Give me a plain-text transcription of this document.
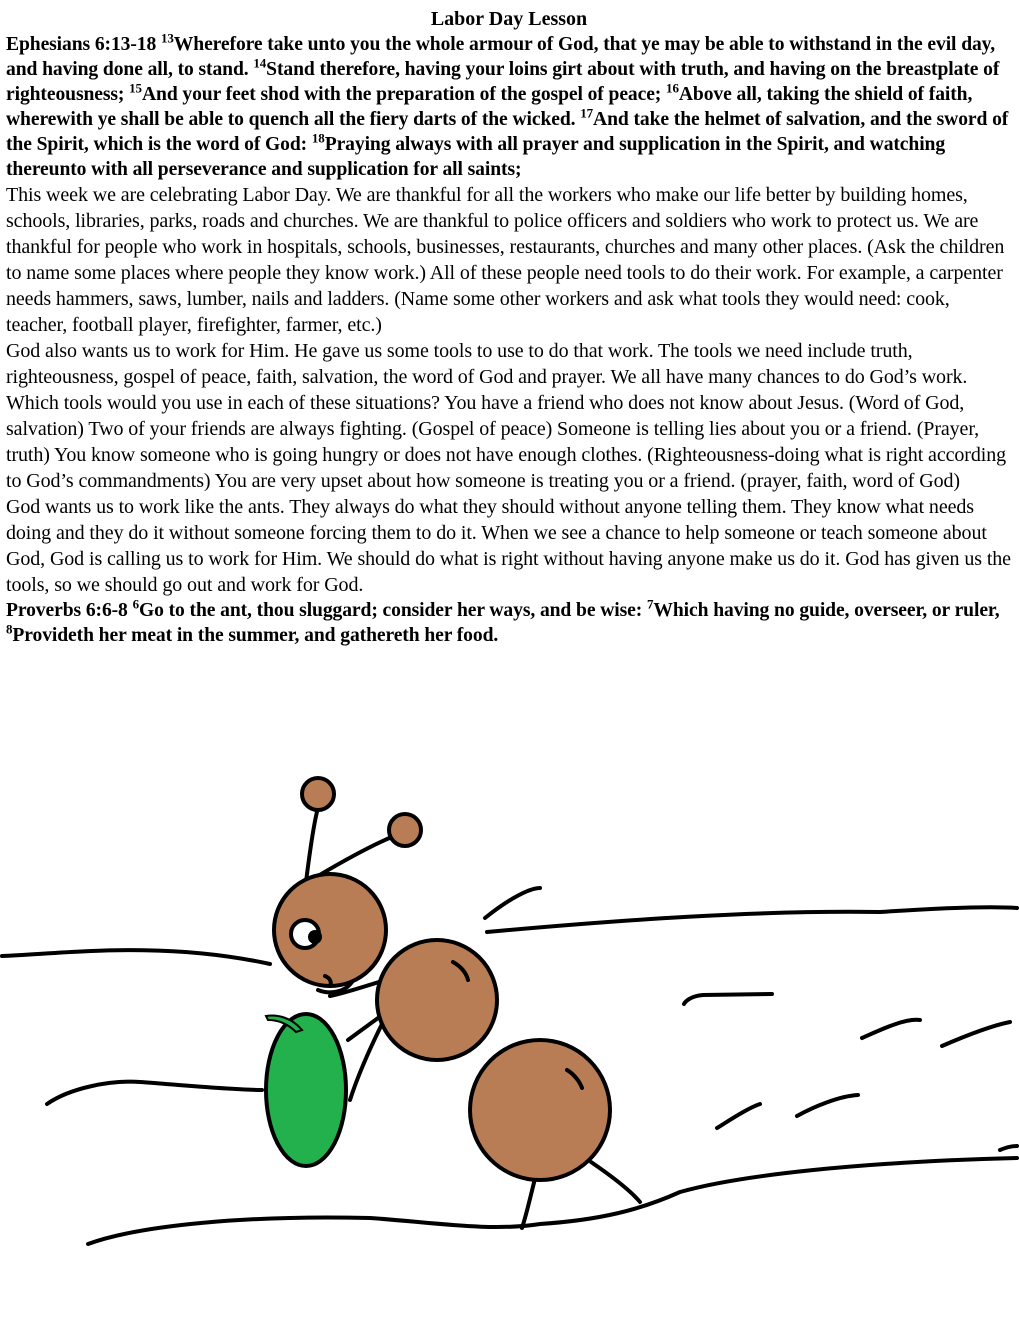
Labor Day Lesson

Ephesians 6:13-18 $^{13}$Wherefore take unto you the whole armour of God, that ye may be able to withstand in the evil day, and having done all, to stand. $^{14}$Stand therefore, having your loins girt about with truth, and having on the breastplate of righteousness; $^{15}$And your feet shod with the preparation of the gospel of peace; $^{16}$Above all, taking the shield of faith, wherewith ye shall be able to quench all the fiery darts of the wicked. $^{17}$And take the helmet of salvation, and the sword of the Spirit, which is the word of God: $^{18}$Praying always with all prayer and supplication in the Spirit, and watching thereunto with all perseverance and supplication for all saints;

This week we are celebrating Labor Day. We are thankful for all the workers who make our life better by building homes, schools, libraries, parks, roads and churches. We are thankful to police officers and soldiers who work to protect us. We are thankful for people who work in hospitals, schools, businesses, restaurants, churches and many other places. (Ask the children to name some places where people they know work.) All of these people need tools to do their work. For example, a carpenter needs hammers, saws, lumber, nails and ladders. (Name some other workers and ask what tools they would need: cook, teacher, football player, firefighter, farmer, etc.)

God also wants us to work for Him. He gave us some tools to use to do that work. The tools we need include truth, righteousness, gospel of peace, faith, salvation, the word of God and prayer. We all have many chances to do God’s work. Which tools would you use in each of these situations? You have a friend who does not know about Jesus. (Word of God, salvation) Two of your friends are always fighting. (Gospel of peace) Someone is telling lies about you or a friend. (Prayer, truth) You know someone who is going hungry or does not have enough clothes. (Righteousness-doing what is right according to God’s commandments) You are very upset about how someone is treating you or a friend. (prayer, faith, word of God)

God wants us to work like the ants. They always do what they should without anyone telling them. They know what needs doing and they do it without someone forcing them to do it. When we see a chance to help someone or teach someone about God, God is calling us to work for Him. We should do what is right without having anyone make us do it. God has given us the tools, so we should go out and work for God.

Proverbs 6:6-8 $^6$Go to the ant, thou sluggard; consider her ways, and be wise: $^7$Which having no guide, overseer, or ruler, $^8$Provideth her meat in the summer, and gathereth her food.
